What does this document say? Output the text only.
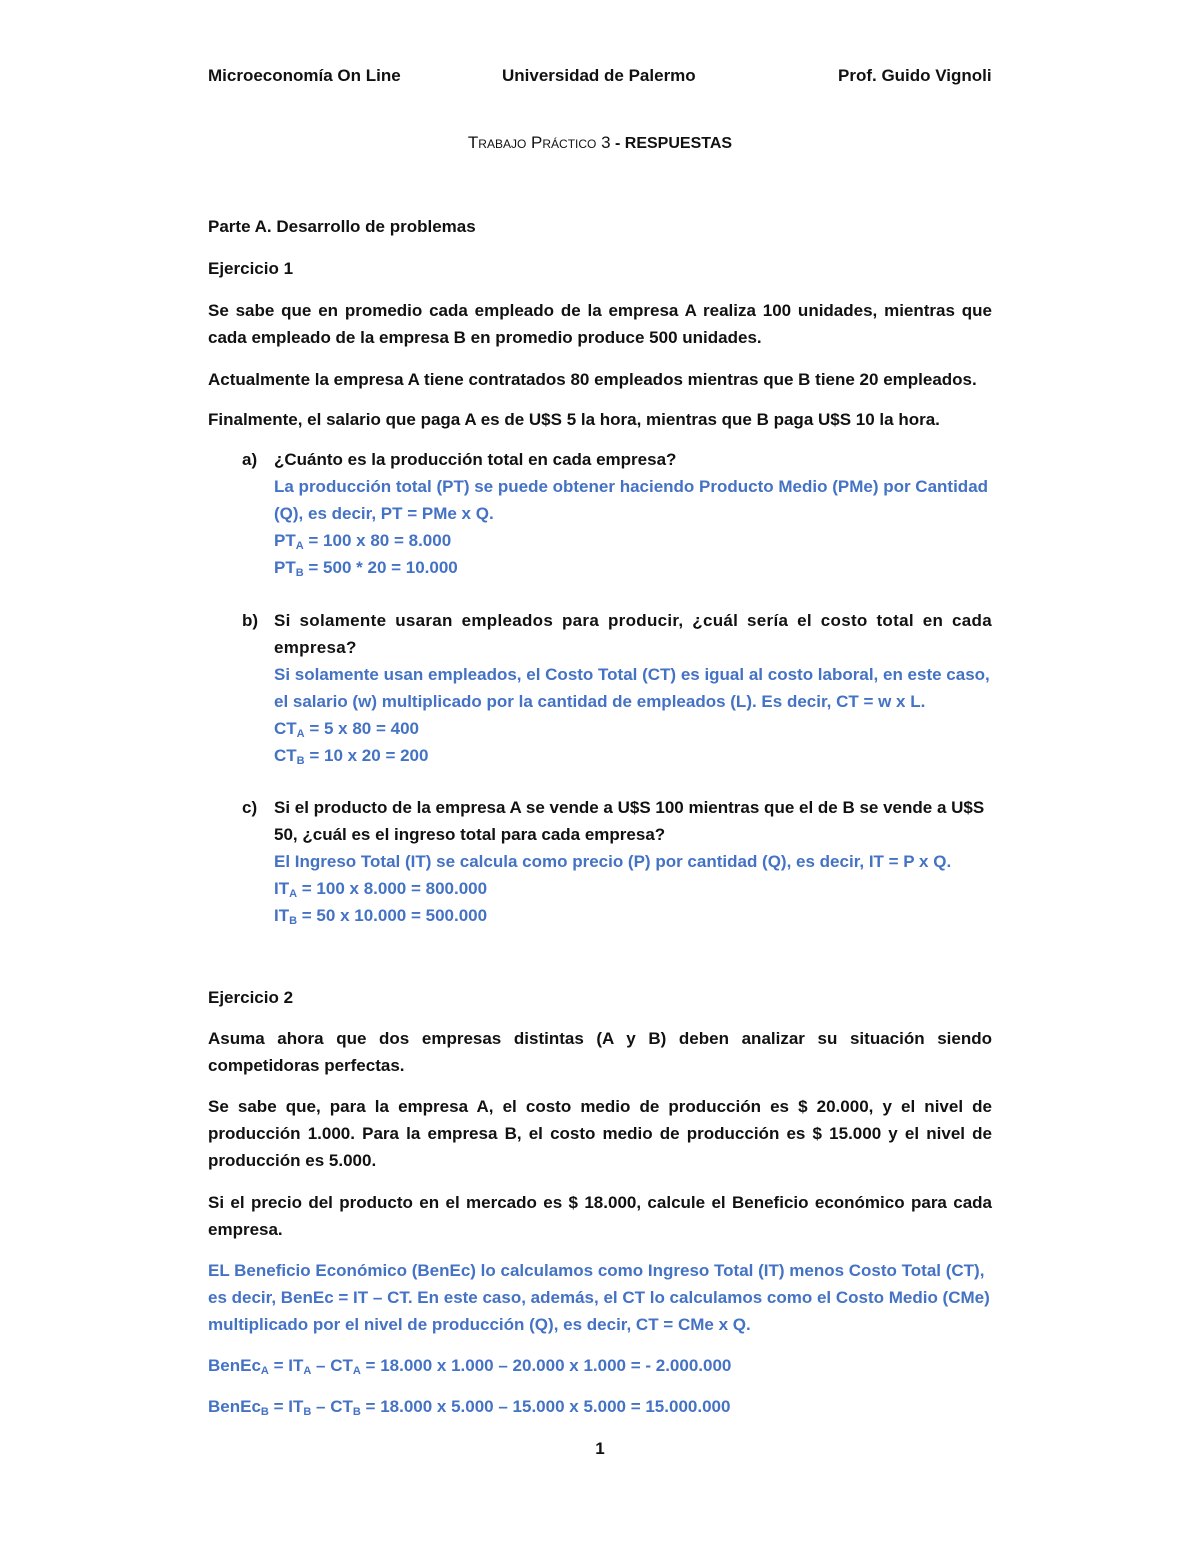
Microeconomía On Line	Universidad de Palermo	Prof. Guido Vignoli
Trabajo Práctico 3 - RESPUESTAS
Parte A. Desarrollo de problemas
Ejercicio 1
Se sabe que en promedio cada empleado de la empresa A realiza 100 unidades, mientras que cada empleado de la empresa B en promedio produce 500 unidades.
Actualmente la empresa A tiene contratados 80 empleados mientras que B tiene 20 empleados.
Finalmente, el salario que paga A es de U$S 5 la hora, mientras que B paga U$S 10 la hora.
a) ¿Cuánto es la producción total en cada empresa?
La producción total (PT) se puede obtener haciendo Producto Medio (PMe) por Cantidad (Q), es decir, PT = PMe x Q.
$PT_A = 100$ x 80 = 8.000
$PT_B = 500 * 20 = 10.000$
b) Si solamente usaran empleados para producir, ¿cuál sería el costo total en cada empresa?
Si solamente usan empleados, el Costo Total (CT) es igual al costo laboral, en este caso, el salario (w) multiplicado por la cantidad de empleados (L). Es decir, CT = w x L.
$CT_A = 5$ x 80 = 400
$CT_B = 10$ x 20 = 200
c) Si el producto de la empresa A se vende a U$S 100 mientras que el de B se vende a U$S 50, ¿cuál es el ingreso total para cada empresa?
El Ingreso Total (IT) se calcula como precio (P) por cantidad (Q), es decir, IT = P x Q.
$IT_A = 100$ x 8.000 = 800.000
$IT_B = 50$ x 10.000 = 500.000
Ejercicio 2
Asuma ahora que dos empresas distintas (A y B) deben analizar su situación siendo competidoras perfectas.
Se sabe que, para la empresa A, el costo medio de producción es $ 20.000, y el nivel de producción 1.000. Para la empresa B, el costo medio de producción es $ 15.000 y el nivel de producción es 5.000.
Si el precio del producto en el mercado es $ 18.000, calcule el Beneficio económico para cada empresa.
EL Beneficio Económico (BenEc) lo calculamos como Ingreso Total (IT) menos Costo Total (CT), es decir, BenEc = IT – CT. En este caso, además, el CT lo calculamos como el Costo Medio (CMe) multiplicado por el nivel de producción (Q), es decir, CT = CMe x Q.
BenEc$_A$ = $IT_A - CT_A = 18.000$ x 1.000 – 20.000 x 1.000 = - 2.000.000
BenEc$_B$ = $IT_B - CT_B = 18.000$ x 5.000 – 15.000 x 5.000 = 15.000.000
1
